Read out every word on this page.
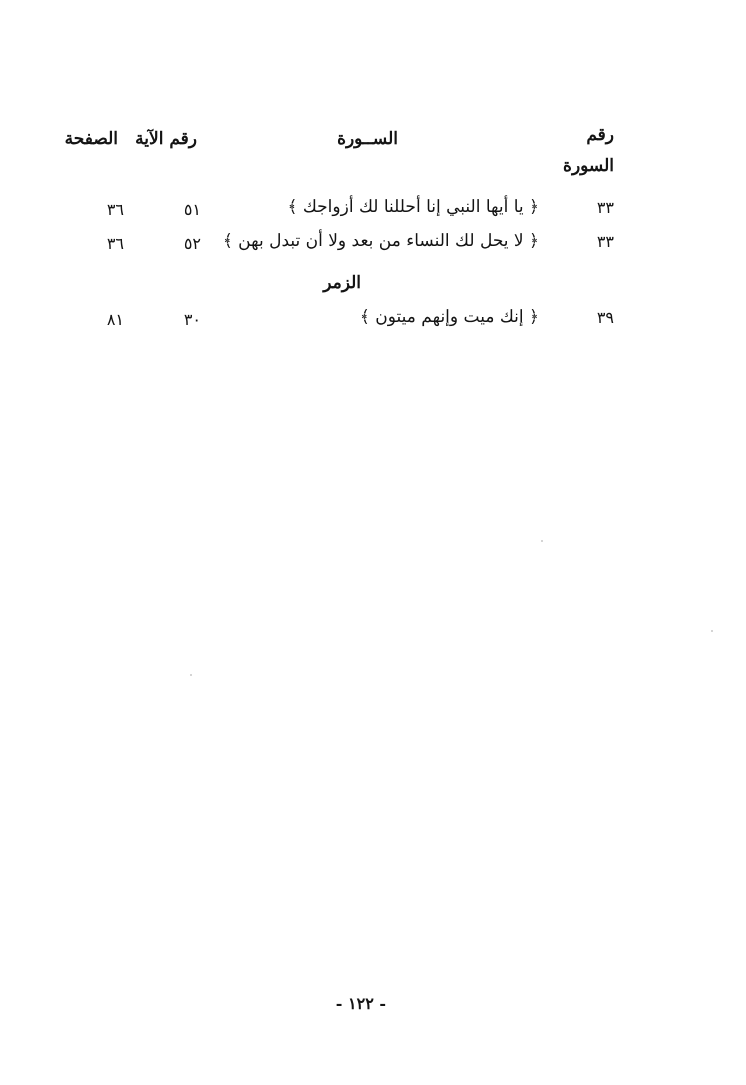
رقم
السورة
الســورة
رقم الآية
الصفحة
٣٣
﴿ يا أيها النبي إنا أحللنا لك أزواجك ﴾
٥١
٣٦
٣٣
﴿ لا يحل لك النساء من بعد ولا أن تبدل بهن ﴾
٥٢
٣٦
الزمر
٣٩
﴿ إنك ميت وإنهم ميتون ﴾
٣٠
٨١
- ١٢٢ -
